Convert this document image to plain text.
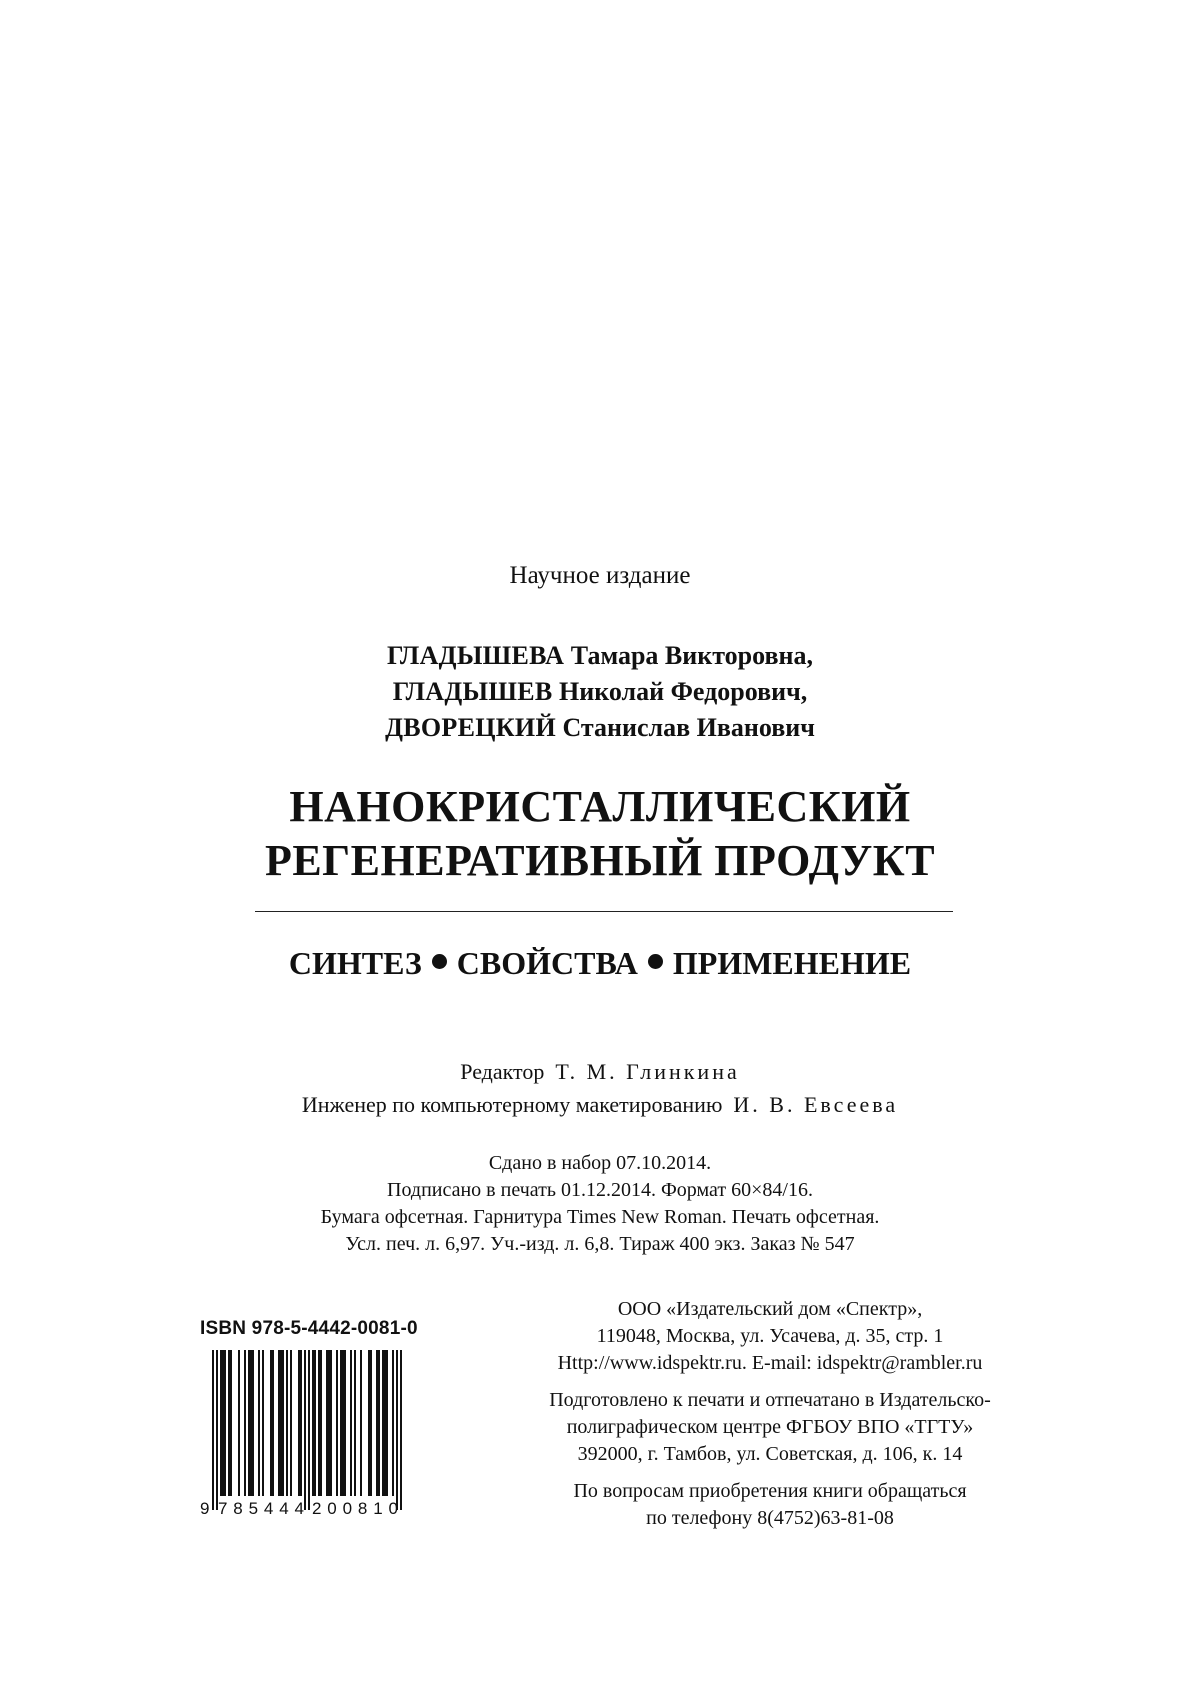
Научное издание
ГЛАДЫШЕВА Тамара Викторовна,
ГЛАДЫШЕВ Николай Федорович,
ДВОРЕЦКИЙ Станислав Иванович
НАНОКРИСТАЛЛИЧЕСКИЙ
РЕГЕНЕРАТИВНЫЙ ПРОДУКТ
СИНТЕЗ СВОЙСТВА ПРИМЕНЕНИЕ
Редактор Т. М. Глинкина
Инженер по компьютерному макетированию И. В. Евсеева
Сдано в набор 07.10.2014.
Подписано в печать 01.12.2014. Формат 60×84/16.
Бумага офсетная. Гарнитура Times New Roman. Печать офсетная.
Усл. печ. л. 6,97. Уч.-изд. л. 6,8. Тираж 400 экз. Заказ № 547
ISBN 978-5-4442-0081-0
9 785444 200810

ООО «Издательский дом «Спектр»,
119048, Москва, ул. Усачева, д. 35, стр. 1
Http://www.idspektr.ru. E-mail: idspektr@rambler.ru

Подготовлено к печати и отпечатано в Издательско-
полиграфическом центре ФГБОУ ВПО «ТГТУ»
392000, г. Тамбов, ул. Советская, д. 106, к. 14

По вопросам приобретения книги обращаться
по телефону 8(4752)63-81-08
